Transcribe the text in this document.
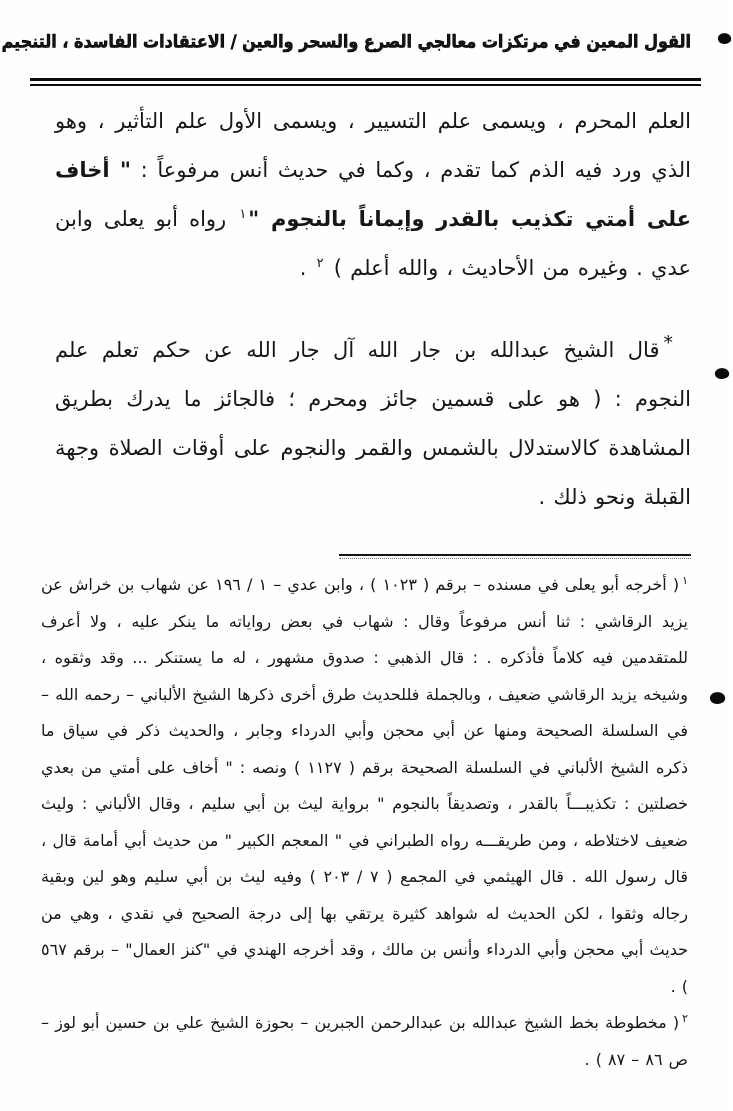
القول المعين في مرتكزات معالجي الصرع والسحر والعين / الاعتقادات الفاسدة ، التنجيم

العلم المحرم ، ويسمى علم التسيير ، ويسمى الأول علم التأثير ، وهو الذي ورد فيه الذم كما تقدم ، وكما في حديث أنس مرفوعاً : " أخاف على أمتي تكذيب بالقدر وإيماناً بالنجوم "$^١$ رواه أبو يعلى وابن عدي . وغيره من الأحاديث ، والله أعلم ) $^٢$ .

*قال الشيخ عبدالله بن جار الله آل جار الله عن حكم تعلم علم النجوم : ( هو على قسمين جائز ومحرم ؛ فالجائز ما يدرك بطريق المشاهدة كالاستدلال بالشمس والقمر والنجوم على أوقات الصلاة وجهة القبلة ونحو ذلك .

$^١$( أخرجه أبو يعلى في مسنده – برقم ( ١٠٢٣ ) ، وابن عدي – ١ / ١٩٦ عن شهاب بن خراش عن يزيد الرقاشي : ثنا أنس مرفوعاً وقال : شهاب في بعض رواياته ما ينكر عليه ، ولا أعرف للمتقدمين فيه كلاماً فأذكره . : قال الذهبي : صدوق مشهور ، له ما يستنكر ... وقد وثقوه ، وشيخه يزيد الرقاشي ضعيف ، وبالجملة فللحديث طرق أخرى ذكرها الشيخ الألباني – رحمه الله – في السلسلة الصحيحة ومنها عن أبي محجن وأبي الدرداء وجابر ، والحديث ذكر في سياق ما ذكره الشيخ الألباني في السلسلة الصحيحة برقم ( ١١٢٧ ) ونصه : " أخاف على أمتي من بعدي خصلتين : تكذيبـــاً بالقدر ، وتصديقاً بالنجوم " برواية ليث بن أبي سليم ، وقال الألباني : وليث ضعيف لاختلاطه ، ومن طريقـــه رواه الطبراني في " المعجم الكبير " من حديث أبي أمامة قال ، قال رسول الله . قال الهيثمي في المجمع ( ٧ / ٢٠٣ ) وفيه ليث بن أبي سليم وهو لين وبقية رجاله وثقوا ، لكن الحديث له شواهد كثيرة يرتقي بها إلى درجة الصحيح في نقدي ، وهي من حديث أبي محجن وأبي الدرداء وأنس بن مالك ، وقد أخرجه الهندي في "كنز العمال" – برقم ٥٦٧ ) .

$^٢$( مخطوطة بخط الشيخ عبدالله بن عبدالرحمن الجبرين – بحوزة الشيخ علي بن حسين أبو لوز – ص ٨٦ – ٨٧ ) .
